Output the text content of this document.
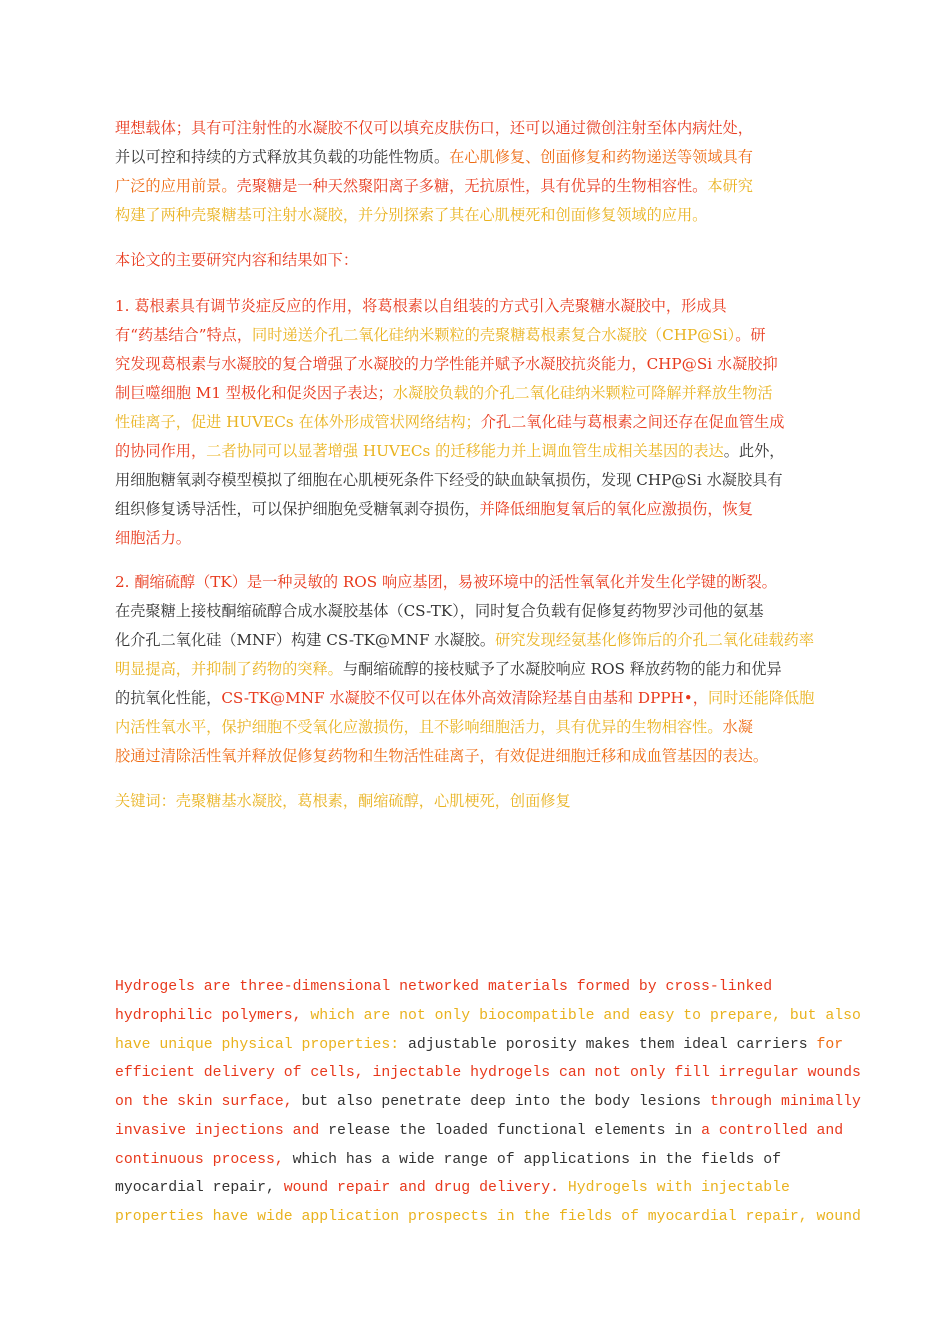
理想载体；具有可注射性的水凝胶不仅可以填充皮肤伤口，还可以通过微创注射至体内病灶处，
并以可控和持续的方式释放其负载的功能性物质。在心肌修复、创面修复和药物递送等领域具有
广泛的应用前景。壳聚糖是一种天然聚阳离子多糖，无抗原性，具有优异的生物相容性。本研究
构建了两种壳聚糖基可注射水凝胶，并分别探索了其在心肌梗死和创面修复领域的应用。
本论文的主要研究内容和结果如下：
1. 葛根素具有调节炎症反应的作用，将葛根素以自组装的方式引入壳聚糖水凝胶中，形成具
有“药基结合”特点，同时递送介孔二氧化硅纳米颗粒的壳聚糖葛根素复合水凝胶（CHP@Si）。研
究发现葛根素与水凝胶的复合增强了水凝胶的力学性能并赋予水凝胶抗炎能力，CHP@Si 水凝胶抑
制巨噬细胞 M1 型极化和促炎因子表达；水凝胶负载的介孔二氧化硅纳米颗粒可降解并释放生物活
性硅离子，促进 HUVECs 在体外形成管状网络结构；介孔二氧化硅与葛根素之间还存在促血管生成
的协同作用，二者协同可以显著增强 HUVECs 的迁移能力并上调血管生成相关基因的表达。此外，
用细胞糖氧剥夺模型模拟了细胞在心肌梗死条件下经受的缺血缺氧损伤，发现 CHP@Si 水凝胶具有
组织修复诱导活性，可以保护细胞免受糖氧剥夺损伤，并降低细胞复氧后的氧化应激损伤，恢复
细胞活力。
2. 酮缩硫醇（TK）是一种灵敏的 ROS 响应基团，易被环境中的活性氧氧化并发生化学键的断裂。
在壳聚糖上接枝酮缩硫醇合成水凝胶基体（CS-TK），同时复合负载有促修复药物罗沙司他的氨基
化介孔二氧化硅（MNF）构建 CS-TK@MNF 水凝胶。研究发现经氨基化修饰后的介孔二氧化硅载药率
明显提高，并抑制了药物的突释。与酮缩硫醇的接枝赋予了水凝胶响应 ROS 释放药物的能力和优异
的抗氧化性能，CS-TK@MNF 水凝胶不仅可以在体外高效清除羟基自由基和 DPPH•，同时还能降低胞
内活性氧水平，保护细胞不受氧化应激损伤，且不影响细胞活力，具有优异的生物相容性。水凝
胶通过清除活性氧并释放促修复药物和生物活性硅离子，有效促进细胞迁移和成血管基因的表达。
关键词：壳聚糖基水凝胶，葛根素，酮缩硫醇，心肌梗死，创面修复
Hydrogels are three-dimensional networked materials formed by cross-linked
hydrophilic polymers, which are not only biocompatible and easy to prepare, but also
have unique physical properties: adjustable porosity makes them ideal carriers for
efficient delivery of cells, injectable hydrogels can not only fill irregular wounds
on the skin surface, but also penetrate deep into the body lesions through minimally
invasive injections and release the loaded functional elements in a controlled and
continuous process, which has a wide range of applications in the fields of
myocardial repair, wound repair and drug delivery. Hydrogels with injectable
properties have wide application prospects in the fields of myocardial repair, wound
